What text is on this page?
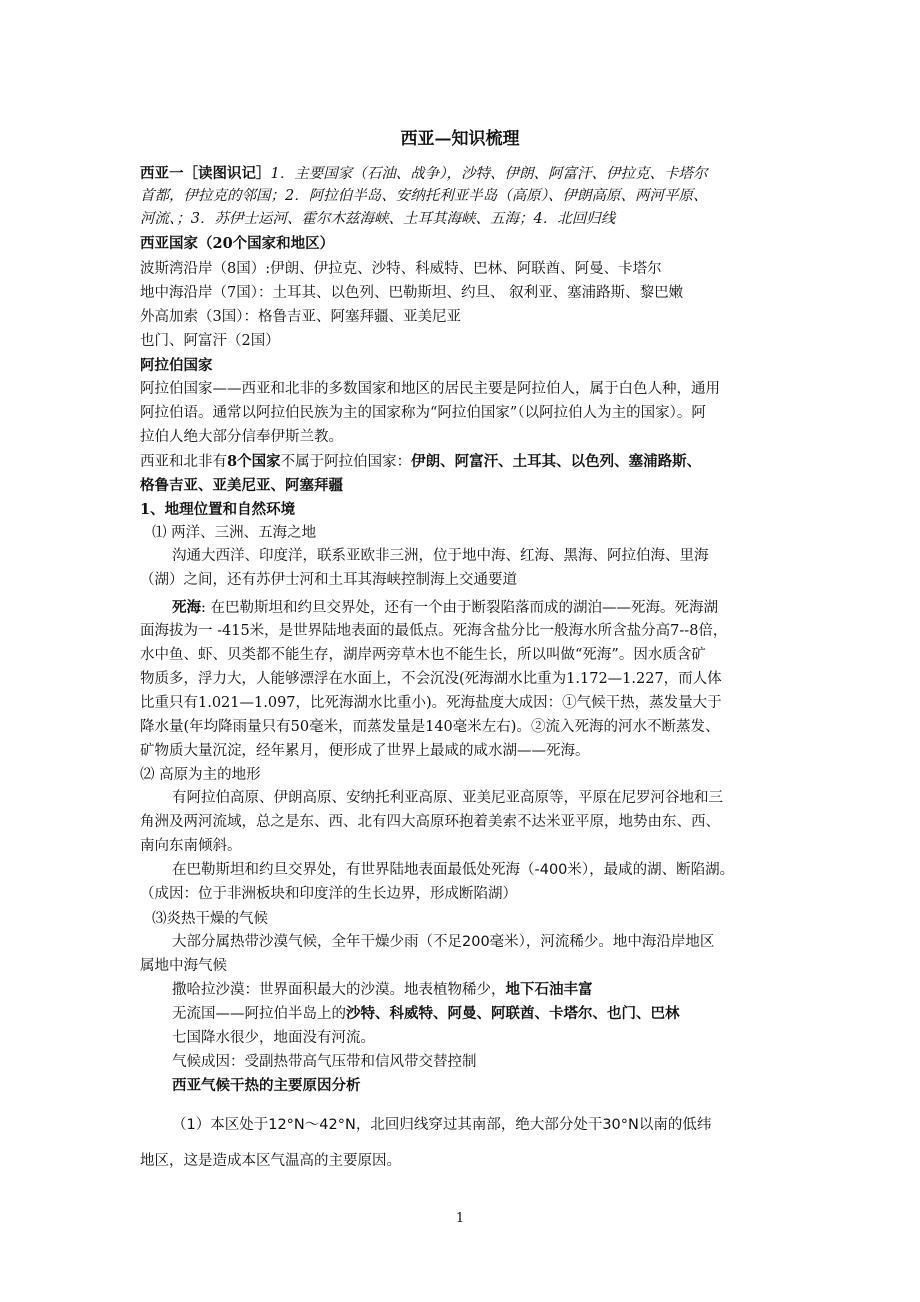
西亚—知识梳理
西亚一［读图识记］1．主要国家（石油、战争），沙特、伊朗、阿富汗、伊拉克、卡塔尔
首都，伊拉克的邻国；2．阿拉伯半岛、安纳托利亚半岛（高原）、伊朗高原、两河平原、
河流、；3．苏伊士运河、霍尔木兹海峡、土耳其海峡、五海；4．北回归线
西亚国家（20个国家和地区）
波斯湾沿岸（8国）:伊朗、伊拉克、沙特、科威特、巴林、阿联酋、阿曼、卡塔尔
地中海沿岸（7国）：土耳其、以色列、巴勒斯坦、约旦、 叙利亚、塞浦路斯、黎巴嫩
外高加索（3国）：格鲁吉亚、阿塞拜疆、亚美尼亚
也门、阿富汗（2国）
阿拉伯国家
阿拉伯国家——西亚和北非的多数国家和地区的居民主要是阿拉伯人，属于白色人种，通用
阿拉伯语。通常以阿拉伯民族为主的国家称为“阿拉伯国家”（以阿拉伯人为主的国家）。阿
拉伯人绝大部分信奉伊斯兰教。
西亚和北非有8个国家不属于阿拉伯国家：伊朗、阿富汗、土耳其、以色列、塞浦路斯、
格鲁吉亚、亚美尼亚、阿塞拜疆
1、地理位置和自然环境
⑴ 两洋、三洲、五海之地
沟通大西洋、印度洋，联系亚欧非三洲，位于地中海、红海、黑海、阿拉伯海、里海
（湖）之间，还有苏伊士河和土耳其海峡控制海上交通要道
死海: 在巴勒斯坦和约旦交界处，还有一个由于断裂陷落而成的湖泊——死海。死海湖
面海拔为一 -415米，是世界陆地表面的最低点。死海含盐分比一般海水所含盐分高7--8倍，
水中鱼、虾、贝类都不能生存，湖岸两旁草木也不能生长，所以叫做“死海”。因水质含矿
物质多，浮力大，人能够漂浮在水面上，不会沉没(死海湖水比重为1.172—1.227，而人体
比重只有1.021—1.097，比死海湖水比重小)。死海盐度大成因：①气候干热，蒸发量大于
降水量(年均降雨量只有50毫米，而蒸发量是140毫米左右)。②流入死海的河水不断蒸发、
矿物质大量沉淀，经年累月，便形成了世界上最咸的咸水湖——死海。
⑵ 高原为主的地形
有阿拉伯高原、伊朗高原、安纳托利亚高原、亚美尼亚高原等，平原在尼罗河谷地和三
角洲及两河流域，总之是东、西、北有四大高原环抱着美索不达米亚平原，地势由东、西、
南向东南倾斜。
在巴勒斯坦和约旦交界处，有世界陆地表面最低处死海（-400米），最咸的湖、断陷湖。
（成因：位于非洲板块和印度洋的生长边界，形成断陷湖）
⑶炎热干燥的气候
大部分属热带沙漠气候，全年干燥少雨（不足200毫米），河流稀少。地中海沿岸地区
属地中海气候
撒哈拉沙漠：世界面积最大的沙漠。地表植物稀少，地下石油丰富
无流国——阿拉伯半岛上的沙特、科威特、阿曼、阿联酋、卡塔尔、也门、巴林
七国降水很少，地面没有河流。
气候成因：受副热带高气压带和信风带交替控制
西亚气候干热的主要原因分析
（1）本区处于12°N～42°N，北回归线穿过其南部，绝大部分处干30°N以南的低纬
地区，这是造成本区气温高的主要原因。
1
